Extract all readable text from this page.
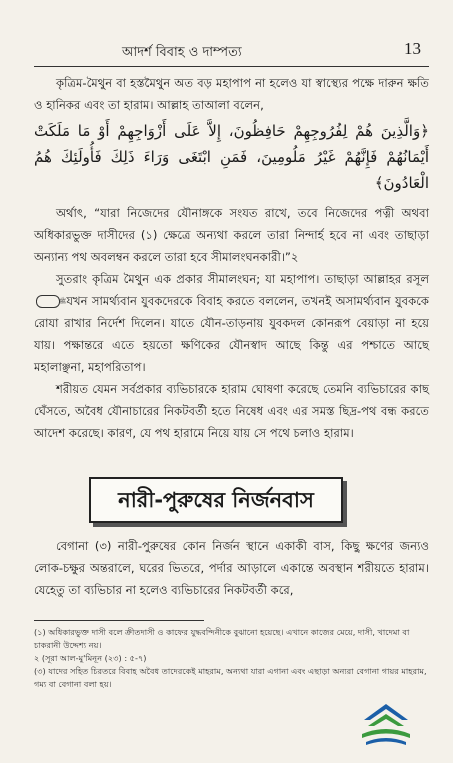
আদর্শ বিবাহ ও দাম্পত্য	13

কৃত্রিম-মৈথুন বা হস্তমৈথুন অত বড় মহাপাপ না হলেও যা স্বাস্থ্যের পক্ষে দারুন ক্ষতি ও হানিকর এবং তা হারাম। আল্লাহ তাআলা বলেন,

﴿وَالَّذِينَ هُمْ لِفُرُوجِهِمْ حَافِظُونَ، إِلاَّ عَلَى أَزْوَاجِهِمْ أَوْ مَا مَلَكَتْ أَيْمَانُهُمْ فَإِنَّهُمْ غَيْرُ مَلُومِينَ، فَمَنِ ابْتَغَى وَرَاءَ ذَلِكَ فَأُولَئِكَ هُمُ الْعَادُونَ﴾

অর্থাৎ, “যারা নিজেদের যৌনাঙ্গকে সংযত রাখে, তবে নিজেদের পত্নী অথবা অধিকারভুক্ত দাসীদের (১) ক্ষেত্রে অন্যথা করলে তারা নিন্দার্হ হবে না এবং তাছাড়া অন্যান্য পথ অবলম্বন করলে তারা হবে সীমালংঘনকারী।”২

সুতরাং কৃত্রিম মৈথুন এক প্রকার সীমালংঘন; যা মহাপাপ। তাছাড়া আল্লাহর রসূল ﷺ যখন সামর্থ্যবান যুবকদেরকে বিবাহ করতে বললেন, তখনই অসামর্থ্যবান যুবককে রোযা রাখার নির্দেশ দিলেন। যাতে যৌন-তাড়নায় যুবকদল কোনরূপ বেয়াড়া না হয়ে যায়। পক্ষান্তরে এতে হয়তো ক্ষণিকের যৌনস্বাদ আছে কিন্তু এর পশ্চাতে আছে মহালাঞ্ছনা, মহাপরিতাপ।

শরীয়ত যেমন সর্বপ্রকার ব্যভিচারকে হারাম ঘোষণা করেছে তেমনি ব্যভিচারের কাছ ঘেঁসতে, অবৈধ যৌনাচারের নিকটবর্তী হতে নিষেধ এবং এর সমস্ত ছিদ্র-পথ বন্ধ করতে আদেশ করেছে। কারণ, যে পথ হারামে নিয়ে যায় সে পথে চলাও হারাম।

নারী-পুরুষের নির্জনবাস

বেগানা (৩) নারী-পুরুষের কোন নির্জন স্থানে একাকী বাস, কিছু ক্ষণের জন্যও লোক-চক্ষুর অন্তরালে, ঘরের ভিতরে, পর্দার আড়ালে একান্তে অবস্থান শরীয়তে হারাম। যেহেতু তা ব্যভিচার না হলেও ব্যভিচারের নিকটবর্তী করে,

(১) অধিকারভুক্ত দাসী বলে ক্রীতদাসী ও কাফের যুদ্ধবন্দিনীকে বুঝানো হয়েছে। এখানে কাজের মেয়ে, দাসী, খাদেমা বা চাকরানী উদ্দেশ্য নয়।
২ (সূরা আল-মু'মিনূন (২৩) : ৫-৭)
(৩) যাদের সহিত চিরতরে বিবাহ অবৈধ তাদেরকেই মাহরাম, অন্যথা যারা এগানা এবং এছাড়া অন্যরা বেগানা গায়র মাহরাম, গম্য বা বেগানা বলা হয়।
